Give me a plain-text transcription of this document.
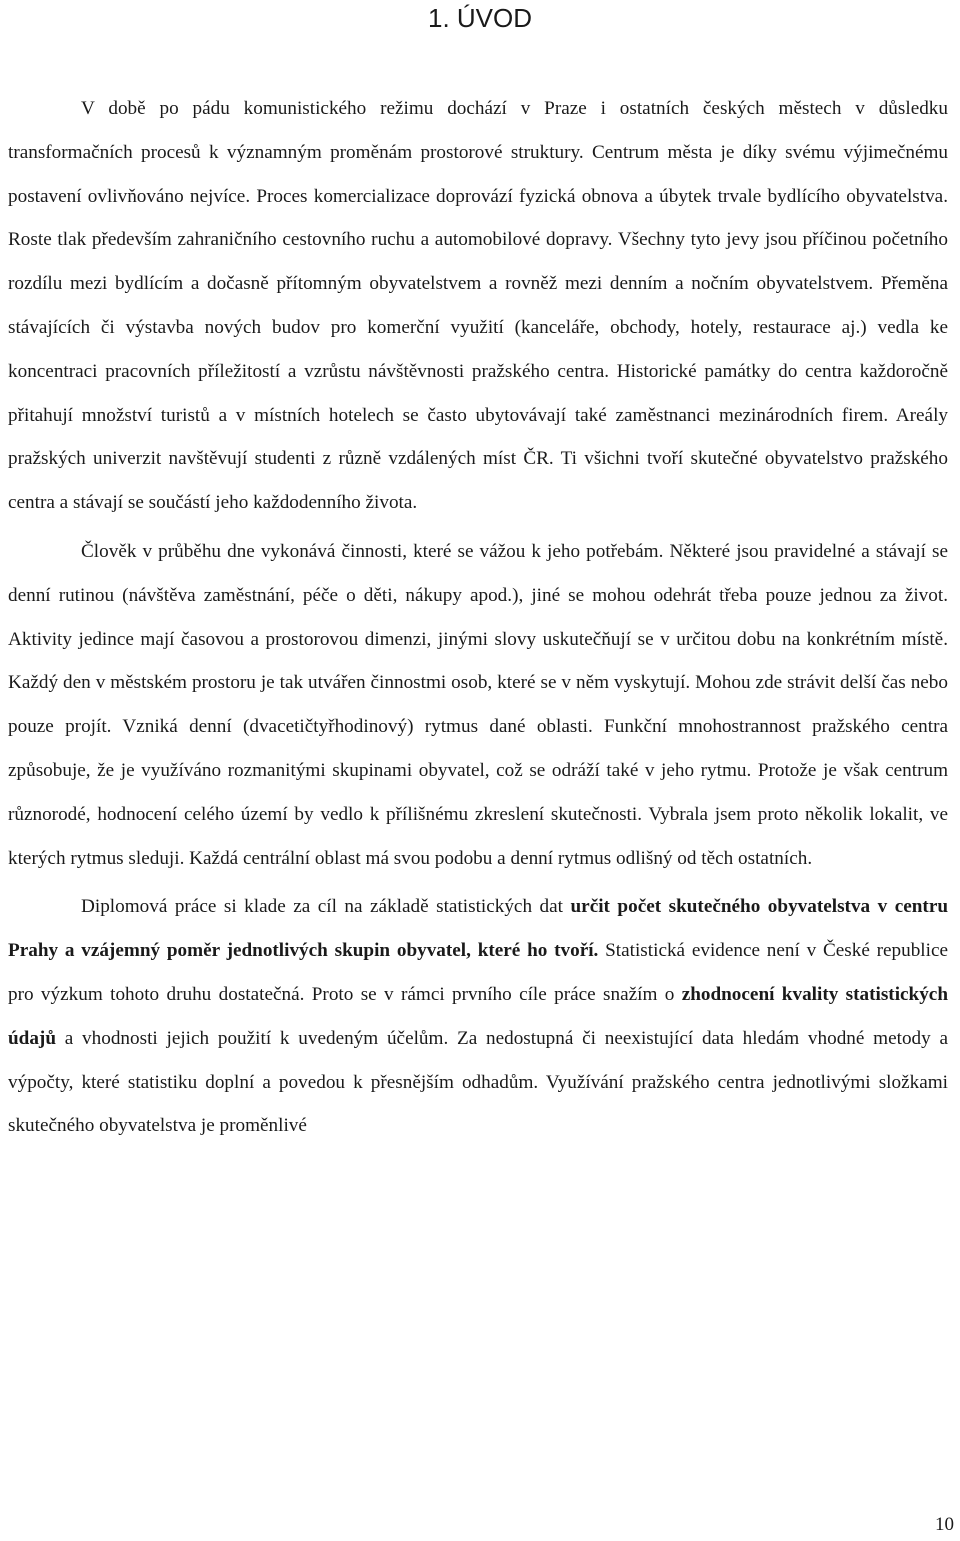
1. ÚVOD

V době po pádu komunistického režimu dochází v Praze i ostatních českých městech v důsledku transformačních procesů k významným proměnám prostorové struktury. Centrum města je díky svému výjimečnému postavení ovlivňováno nejvíce. Proces komercializace doprovází fyzická obnova a úbytek trvale bydlícího obyvatelstva. Roste tlak především zahraničního cestovního ruchu a automobilové dopravy. Všechny tyto jevy jsou příčinou početního rozdílu mezi bydlícím a dočasně přítomným obyvatelstvem a rovněž mezi denním a nočním obyvatelstvem. Přeměna stávajících či výstavba nových budov pro komerční využití (kanceláře, obchody, hotely, restaurace aj.) vedla ke koncentraci pracovních příležitostí a vzrůstu návštěvnosti pražského centra. Historické památky do centra každoročně přitahují množství turistů a v místních hotelech se často ubytovávají také zaměstnanci mezinárodních firem. Areály pražských univerzit navštěvují studenti z různě vzdálených míst ČR. Ti všichni tvoří skutečné obyvatelstvo pražského centra a stávají se součástí jeho každodenního života.

Člověk v průběhu dne vykonává činnosti, které se vážou k jeho potřebám. Některé jsou pravidelné a stávají se denní rutinou (návštěva zaměstnání, péče o děti, nákupy apod.), jiné se mohou odehrát třeba pouze jednou za život. Aktivity jedince mají časovou a prostorovou dimenzi, jinými slovy uskutečňují se v určitou dobu na konkrétním místě. Každý den v městském prostoru je tak utvářen činnostmi osob, které se v něm vyskytují. Mohou zde strávit delší čas nebo pouze projít. Vzniká denní (dvacetičtyřhodinový) rytmus dané oblasti. Funkční mnohostrannost pražského centra způsobuje, že je využíváno rozmanitými skupinami obyvatel, což se odráží také v jeho rytmu. Protože je však centrum různorodé, hodnocení celého území by vedlo k přílišnému zkreslení skutečnosti. Vybrala jsem proto několik lokalit, ve kterých rytmus sleduji. Každá centrální oblast má svou podobu a denní rytmus odlišný od těch ostatních.

Diplomová práce si klade za cíl na základě statistických dat určit počet skutečného obyvatelstva v centru Prahy a vzájemný poměr jednotlivých skupin obyvatel, které ho tvoří. Statistická evidence není v České republice pro výzkum tohoto druhu dostatečná. Proto se v rámci prvního cíle práce snažím o zhodnocení kvality statistických údajů a vhodnosti jejich použití k uvedeným účelům. Za nedostupná či neexistující data hledám vhodné metody a výpočty, které statistiku doplní a povedou k přesnějším odhadům. Využívání pražského centra jednotlivými složkami skutečného obyvatelstva je proměnlivé

10
